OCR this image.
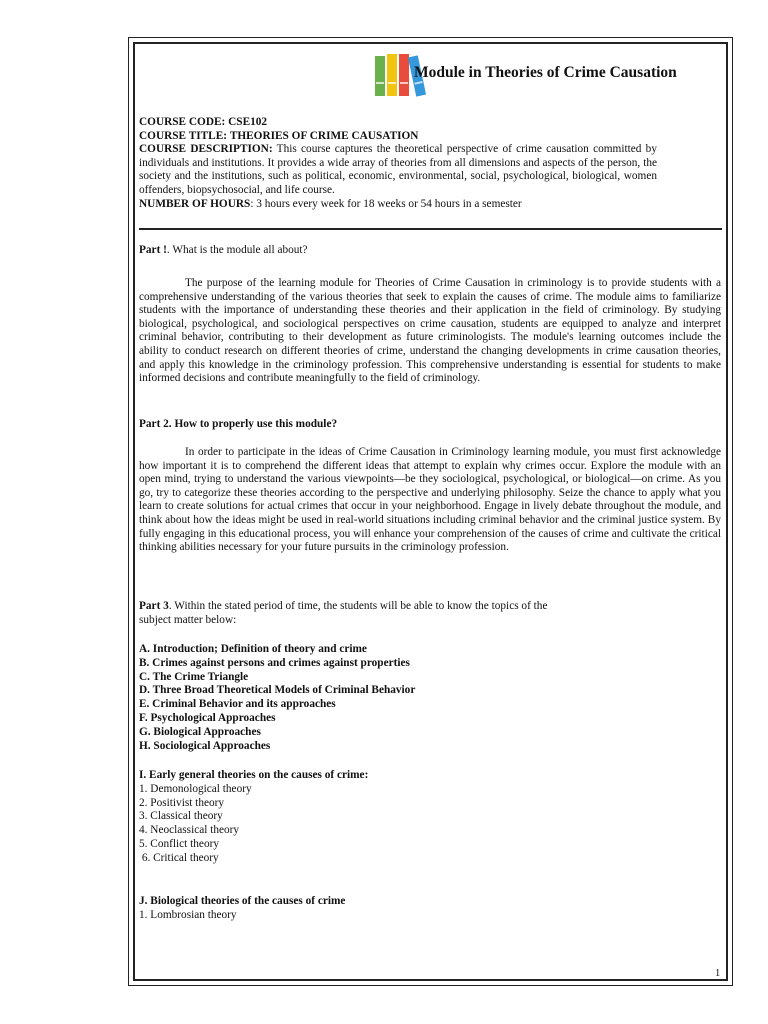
Module in Theories of Crime Causation
COURSE CODE: CSE102
COURSE TITLE: THEORIES OF CRIME CAUSATION
COURSE DESCRIPTION: This course captures the theoretical perspective of crime causation committed by individuals and institutions. It provides a wide array of theories from all dimensions and aspects of the person, the society and the institutions, such as political, economic, environmental, social, psychological, biological, women offenders, biopsychosocial, and life course.
NUMBER OF HOURS: 3 hours every week for 18 weeks or 54 hours in a semester
Part !. What is the module all about?
The purpose of the learning module for Theories of Crime Causation in criminology is to provide students with a comprehensive understanding of the various theories that seek to explain the causes of crime. The module aims to familiarize students with the importance of understanding these theories and their application in the field of criminology. By studying biological, psychological, and sociological perspectives on crime causation, students are equipped to analyze and interpret criminal behavior, contributing to their development as future criminologists. The module's learning outcomes include the ability to conduct research on different theories of crime, understand the changing developments in crime causation theories, and apply this knowledge in the criminology profession. This comprehensive understanding is essential for students to make informed decisions and contribute meaningfully to the field of criminology.
Part 2. How to properly use this module?
In order to participate in the ideas of Crime Causation in Criminology learning module, you must first acknowledge how important it is to comprehend the different ideas that attempt to explain why crimes occur. Explore the module with an open mind, trying to understand the various viewpoints—be they sociological, psychological, or biological—on crime. As you go, try to categorize these theories according to the perspective and underlying philosophy. Seize the chance to apply what you learn to create solutions for actual crimes that occur in your neighborhood. Engage in lively debate throughout the module, and think about how the ideas might be used in real-world situations including criminal behavior and the criminal justice system. By fully engaging in this educational process, you will enhance your comprehension of the causes of crime and cultivate the critical thinking abilities necessary for your future pursuits in the criminology profession.
Part 3. Within the stated period of time, the students will be able to know the topics of the
subject matter below:
A. Introduction; Definition of theory and crime
B. Crimes against persons and crimes against properties
C. The Crime Triangle
D. Three Broad Theoretical Models of Criminal Behavior
E. Criminal Behavior and its approaches
F. Psychological Approaches
G. Biological Approaches
H. Sociological Approaches
I. Early general theories on the causes of crime:
1. Demonological theory
2. Positivist theory
3. Classical theory
4. Neoclassical theory
5. Conflict theory
6. Critical theory
J. Biological theories of the causes of crime
1. Lombrosian theory
1
